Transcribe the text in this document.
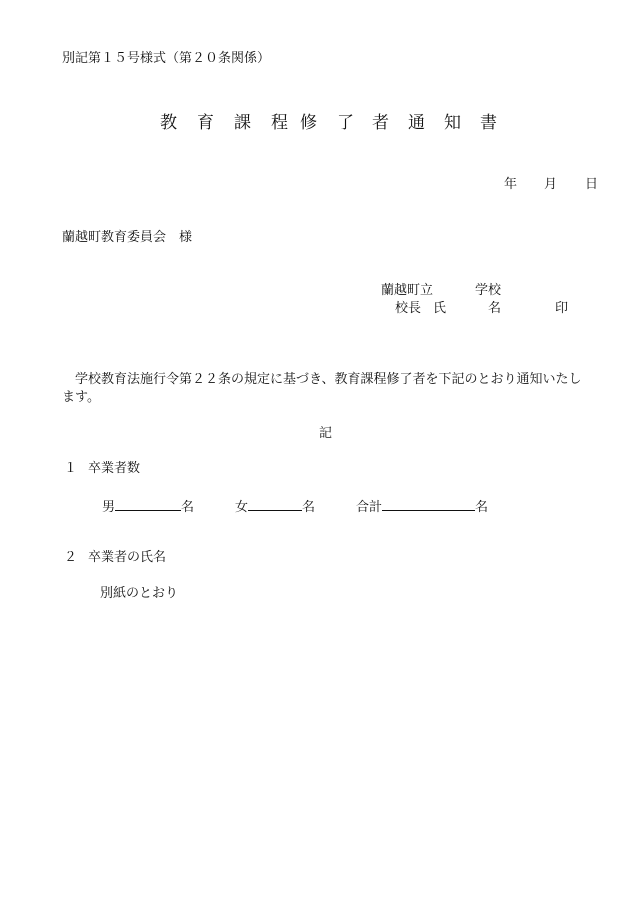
別記第１５号様式（第２０条関係）
教 育 課 程 修 了 者 通 知 書
年 月 日
蘭越町教育委員会　様
蘭越町立	学校
校長 氏	名	印
学校教育法施行令第２２条の規定に基づき、教育課程修了者を下記のとおり通知いたし
ます。
記
１ 卒業者数
男	名	女	名	合計	名
２ 卒業者の氏名
別紙のとおり
